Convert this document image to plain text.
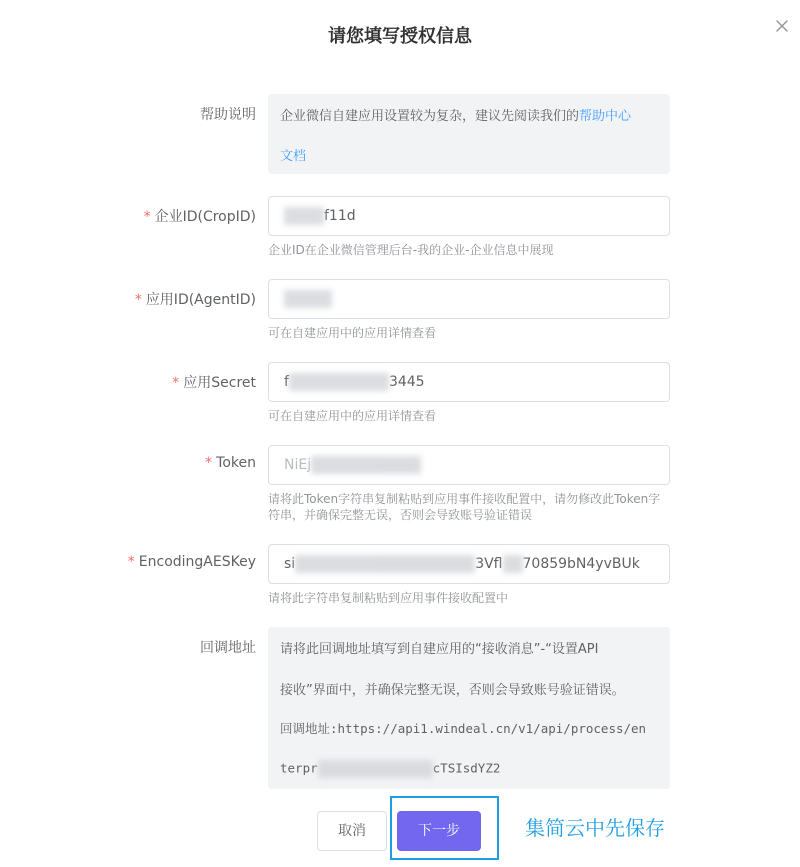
请您填写授权信息
帮助说明 企业微信自建应用设置较为复杂，建议先阅读我们的帮助中心
文档
* 企业ID(CropID)	f11d
企业ID在企业微信管理后台-我的企业-企业信息中展现
* 应用ID(AgentID)
可在自建应用中的应用详情查看
* 应用Secret	f	3445
可在自建应用中的应用详情查看
* Token	NiEj
请将此Token字符串复制粘贴到应用事件接收配置中，请勿修改此Token字
符串，并确保完整无误，否则会导致账号验证错误
* EncodingAESKey	si	3Vfl 70859bN4yvBUk
请将此字符串复制粘贴到应用事件接收配置中
回调地址 请将此回调地址填写到自建应用的“接收消息”-“设置API
接收”界面中，并确保完整无误，否则会导致账号验证错误。
回调地址:https://api1.windeal.cn/v1/api/process/en
terpr	cTSIsdYZ2
取消	下一步	集简云中先保存
